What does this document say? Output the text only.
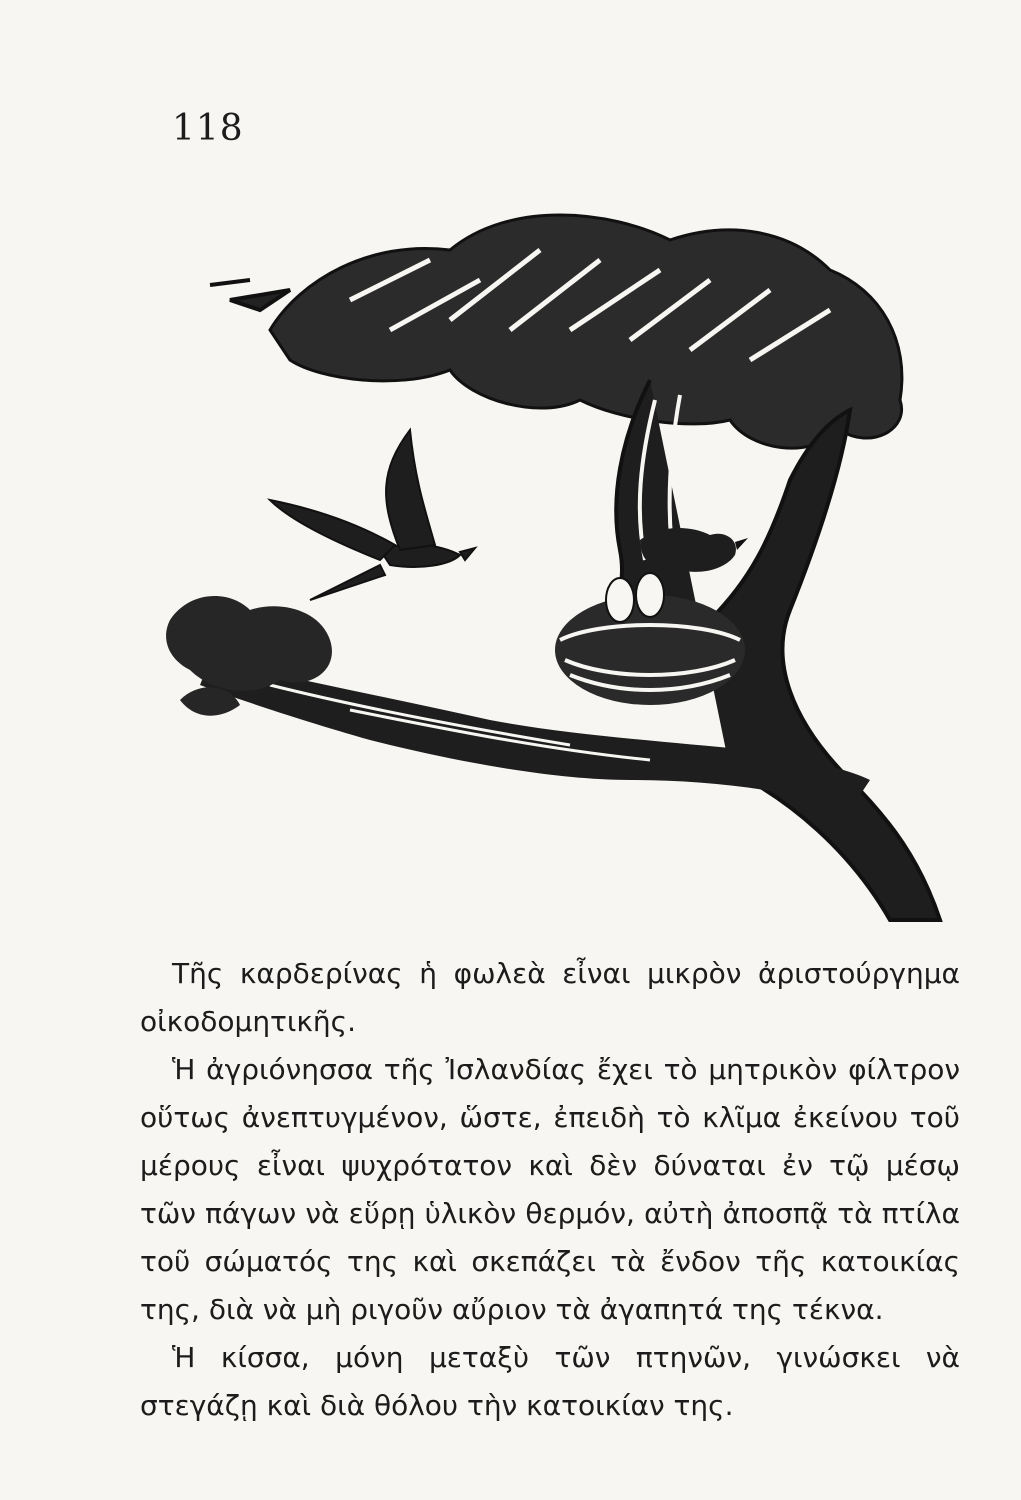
118

Τῆς καρδερίνας ἡ φωλεὰ εἶναι μικρὸν ἀριστούργημα οἰκοδομητικῆς.

Ἡ ἀγριόνησσα τῆς Ἰσλανδίας ἔχει τὸ μητρικὸν φίλτρον οὕτως ἀνεπτυγμένον, ὥστε, ἐπειδὴ τὸ κλῖμα ἐκείνου τοῦ μέρους εἶναι ψυχρότατον καὶ δὲν δύναται ἐν τῷ μέσῳ τῶν πάγων νὰ εὕρῃ ὑλικὸν θερμόν, αὐτὴ ἀποσπᾷ τὰ πτίλα τοῦ σώματός της καὶ σκεπάζει τὰ ἔνδον τῆς κατοικίας της, διὰ νὰ μὴ ριγοῦν αὔριον τὰ ἀγαπητά της τέκνα.

Ἡ κίσσα, μόνη μεταξὺ τῶν πτηνῶν, γινώσκει νὰ στεγάζῃ καὶ διὰ θόλου τὴν κατοικίαν της.
